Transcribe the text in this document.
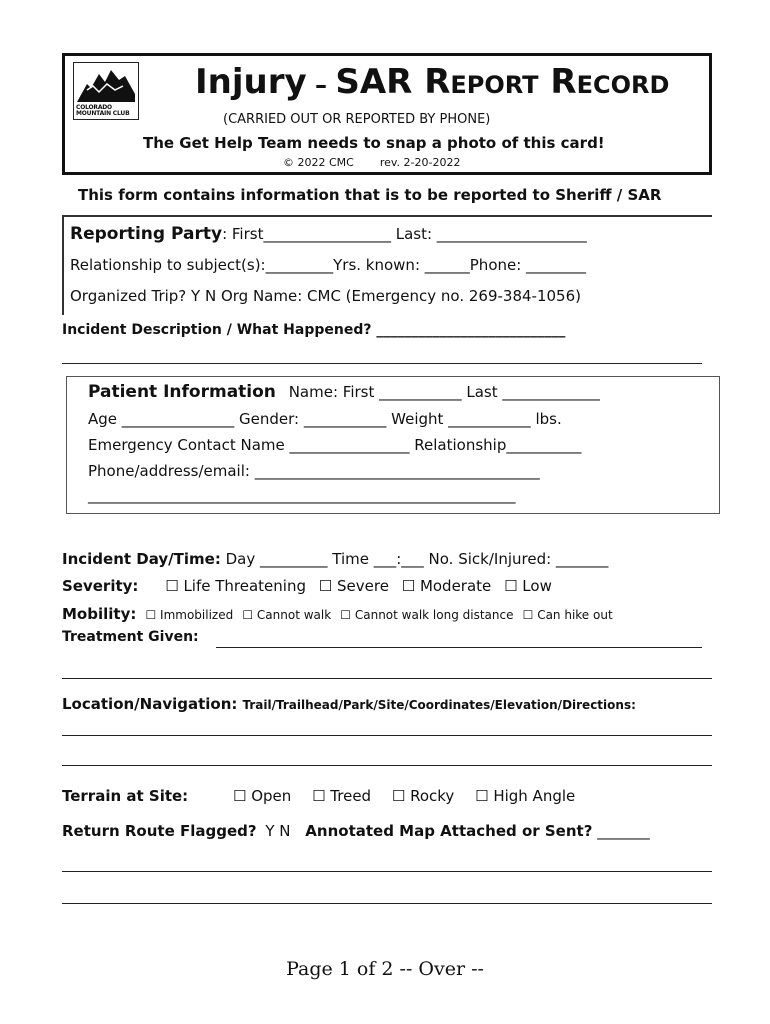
COLORADO MOUNTAIN CLUB
Injury – SAR REPORT RECORD
(CARRIED OUT OR REPORTED BY PHONE)
The Get Help Team needs to snap a photo of this card!
© 2022 CMC rev. 2-20-2022
This form contains information that is to be reported to Sheriff / SAR
Reporting Party: First_________________ Last: ____________________
Relationship to subject(s):_________Yrs. known: ______Phone: ________
Organized Trip? Y N Org Name: CMC (Emergency no. 269-384-1056)
Incident Description / What Happened? ___________________________
Patient Information Name: First ___________ Last _____________
Age _______________ Gender: ___________ Weight ___________ lbs.
Emergency Contact Name ________________ Relationship__________
Phone/address/email: ______________________________________
_________________________________________________________
Incident Day/Time: Day _________ Time ___:___ No. Sick/Injured: _______
Severity: ☐ Life Threatening ☐ Severe ☐ Moderate ☐ Low
Mobility: ☐ Immobilized ☐ Cannot walk ☐ Cannot walk long distance ☐ Can hike out
Treatment Given:
Location/Navigation: Trail/Trailhead/Park/Site/Coordinates/Elevation/Directions:
Terrain at Site:	☐ Open ☐ Treed ☐ Rocky ☐ High Angle
Return Route Flagged? Y N Annotated Map Attached or Sent? _______
Page 1 of 2 -- Over --
